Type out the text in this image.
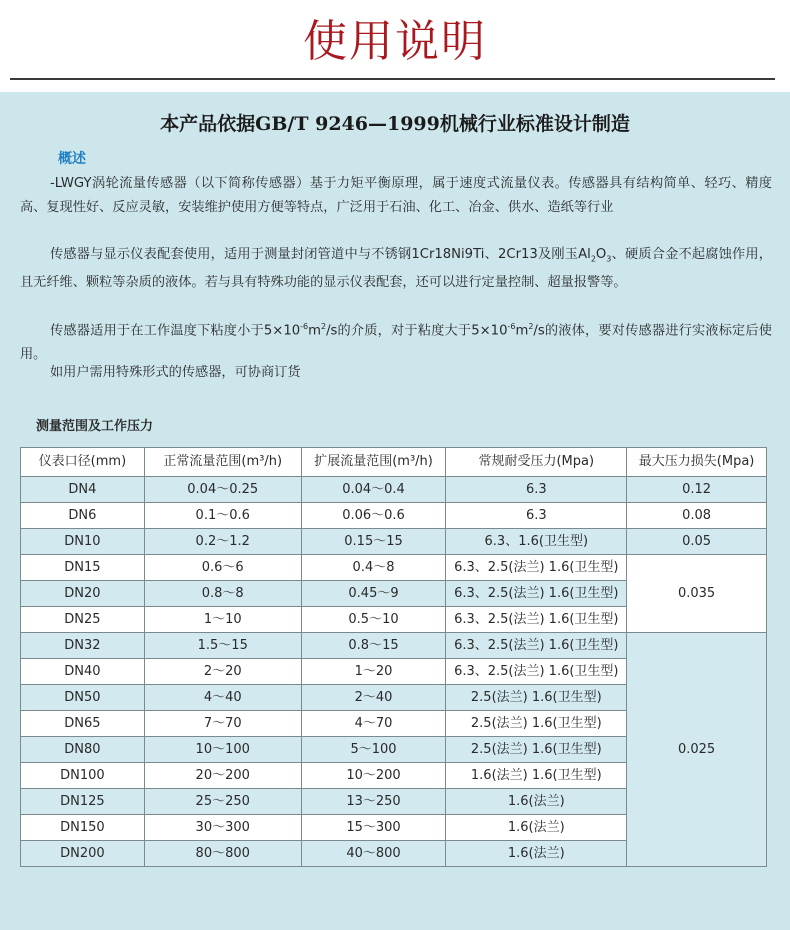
使用说明
本产品依据GB/T 9246—1999机械行业标准设计制造
概述
-LWGY涡轮流量传感器（以下简称传感器）基于力矩平衡原理，属于速度式流量仪表。传感器具有结构简单、轻巧、精度高、复现性好、反应灵敏，安装维护使用方便等特点，广泛用于石油、化工、冶金、供水、造纸等行业
传感器与显示仪表配套使用，适用于测量封闭管道中与不锈钢1Cr18Ni9Ti、2Cr13及刚玉$Al_2O_3$、硬质合金不起腐蚀作用，且无纤维、颗粒等杂质的液体。若与具有特殊功能的显示仪表配套，还可以进行定量控制、超量报警等。
传感器适用于在工作温度下粘度小于$5\times 10^{-6}m^2/s$的介质，对于粘度大于$5\times 10^{-6}m^2/s$的液体，要对传感器进行实液标定后使用。
如用户需用特殊形式的传感器，可协商订货
测量范围及工作压力
仪表口径(mm)	正常流量范围(m³/h)	扩展流量范围(m³/h)	常规耐受压力(Mpa)	最大压力损失(Mpa)
DN4	0.04～0.25	0.04～0.4	6.3	0.12
DN6	0.1～0.6	0.06～0.6	6.3	0.08
DN10	0.2～1.2	0.15～15	6.3、1.6(卫生型)	0.05
DN15	0.6～6	0.4～8	6.3、2.5(法兰) 1.6(卫生型)	0.035
DN20	0.8～8	0.45～9	6.3、2.5(法兰) 1.6(卫生型)	
DN25	1～10	0.5～10	6.3、2.5(法兰) 1.6(卫生型)	
DN32	1.5～15	0.8～15	6.3、2.5(法兰) 1.6(卫生型)	0.025
DN40	2～20	1～20	6.3、2.5(法兰) 1.6(卫生型)	
DN50	4～40	2～40	2.5(法兰) 1.6(卫生型)	
DN65	7～70	4～70	2.5(法兰) 1.6(卫生型)	
DN80	10～100	5～100	2.5(法兰) 1.6(卫生型)	
DN100	20～200	10～200	1.6(法兰) 1.6(卫生型)	
DN125	25～250	13～250	1.6(法兰)	
DN150	30～300	15～300	1.6(法兰)	
DN200	80～800	40～800	1.6(法兰)	
